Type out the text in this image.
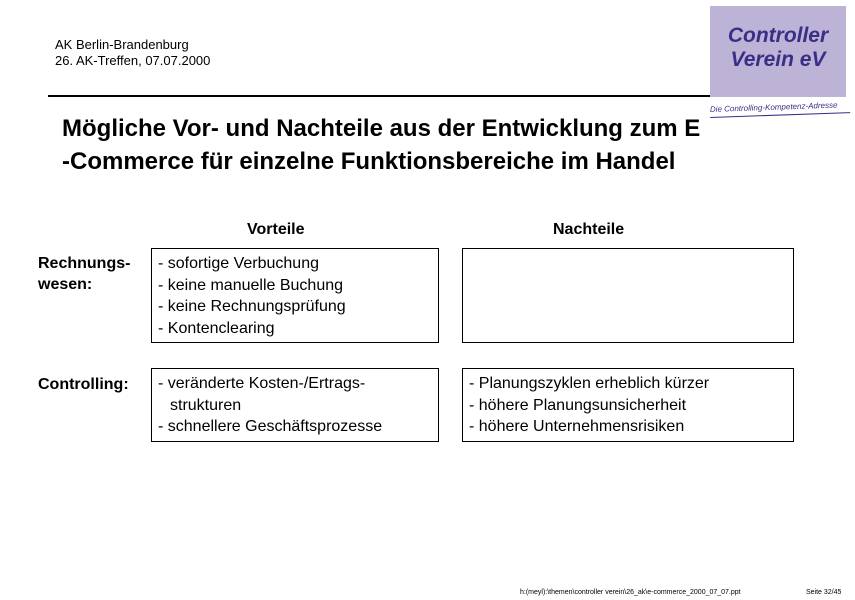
AK Berlin-Brandenburg
26. AK-Treffen, 07.07.2000
Controller
Verein eV
Die Controlling-Kompetenz-Adresse
Mögliche Vor- und Nachteile aus der Entwicklung zum E
-Commerce für einzelne Funktionsbereiche im Handel
Vorteile	Nachteile
Rechnungs-
wesen:
- sofortige Verbuchung
- keine manuelle Buchung
- keine Rechnungsprüfung
- Kontenclearing
Controlling: - veränderte Kosten-/Ertrags-
strukturen
- schnellere Geschäftsprozesse
- Planungszyklen erheblich kürzer
- höhere Planungsunsicherheit
- höhere Unternehmensrisiken
h:(meyl):\themen\controller verein\26_ak\e-commerce_2000_07_07.ppt	Seite 32/45
